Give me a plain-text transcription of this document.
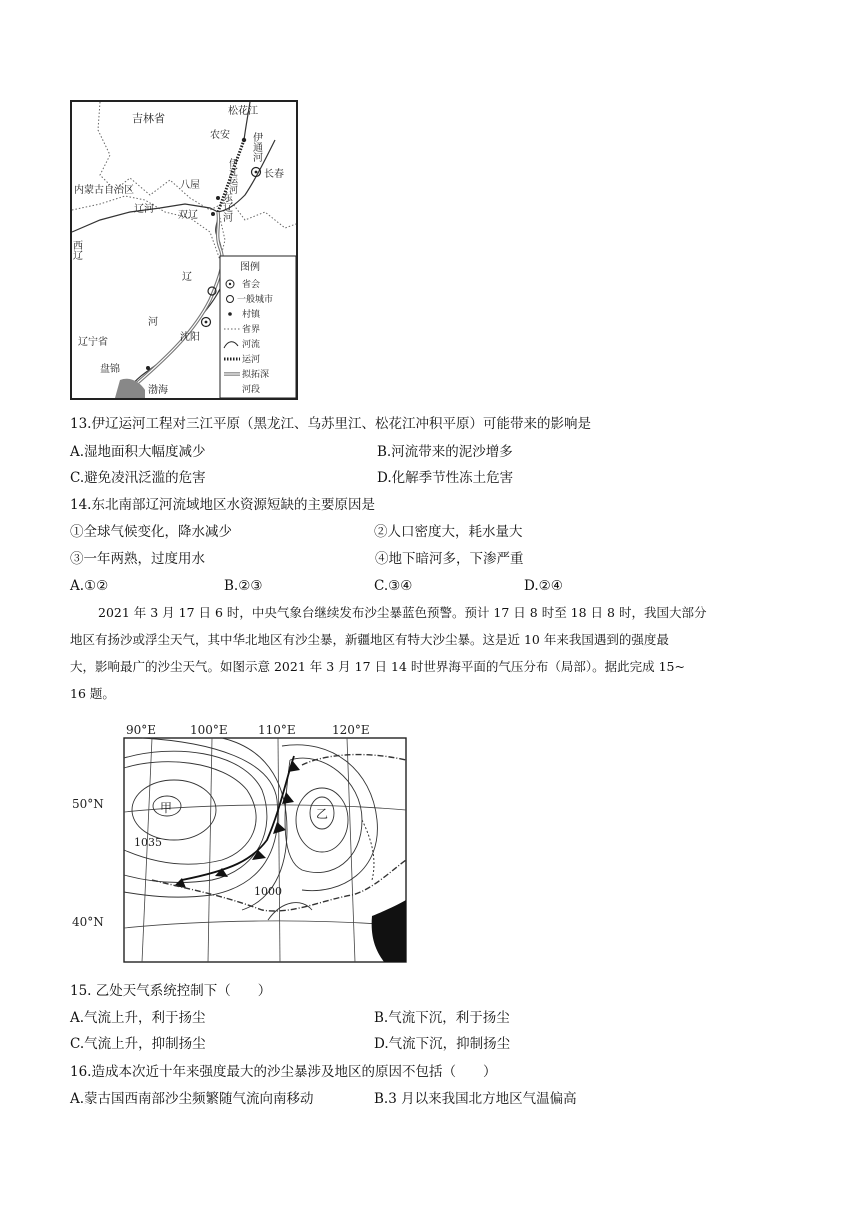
吉林省
松花江
农安 伊通河
伊辽运河	长春
内蒙古自治区	八屋
辽河
双辽 东辽河
西辽
辽
河
辽宁省	沈阳
盘锦
渤海
图例
省会
一般城市
村镇
省界
河流
运河
拟拓深
河段
13.伊辽运河工程对三江平原（黑龙江、乌苏里江、松花江冲积平原）可能带来的影响是
A.湿地面积大幅度减少	B.河流带来的泥沙增多
C.避免凌汛泛滥的危害	D.化解季节性冻土危害
14.东北南部辽河流域地区水资源短缺的主要原因是
①全球气候变化，降水减少	②人口密度大，耗水量大
③一年两熟，过度用水	④地下暗河多，下渗严重
A.①②	B.②③	C.③④	D.②④
2021 年 3 月 17 日 6 时，中央气象台继续发布沙尘暴蓝色预警。预计 17 日 8 时至 18 日 8 时，我国大部分
地区有扬沙或浮尘天气，其中华北地区有沙尘暴，新疆地区有特大沙尘暴。这是近 10 年来我国遇到的强度最
大，影响最广的沙尘天气。如图示意 2021 年 3 月 17 日 14 时世界海平面的气压分布（局部）。据此完成 15~
16 题。
90°E	100°E	110°E	120°E
50°N
40°N
甲	乙
1035
1000
15. 乙处天气系统控制下（　　）
A.气流上升，利于扬尘	B.气流下沉，利于扬尘
C.气流上升，抑制扬尘	D.气流下沉，抑制扬尘
16.造成本次近十年来强度最大的沙尘暴涉及地区的原因不包括（　　）
A.蒙古国西南部沙尘频繁随气流向南移动	B.3 月以来我国北方地区气温偏高
